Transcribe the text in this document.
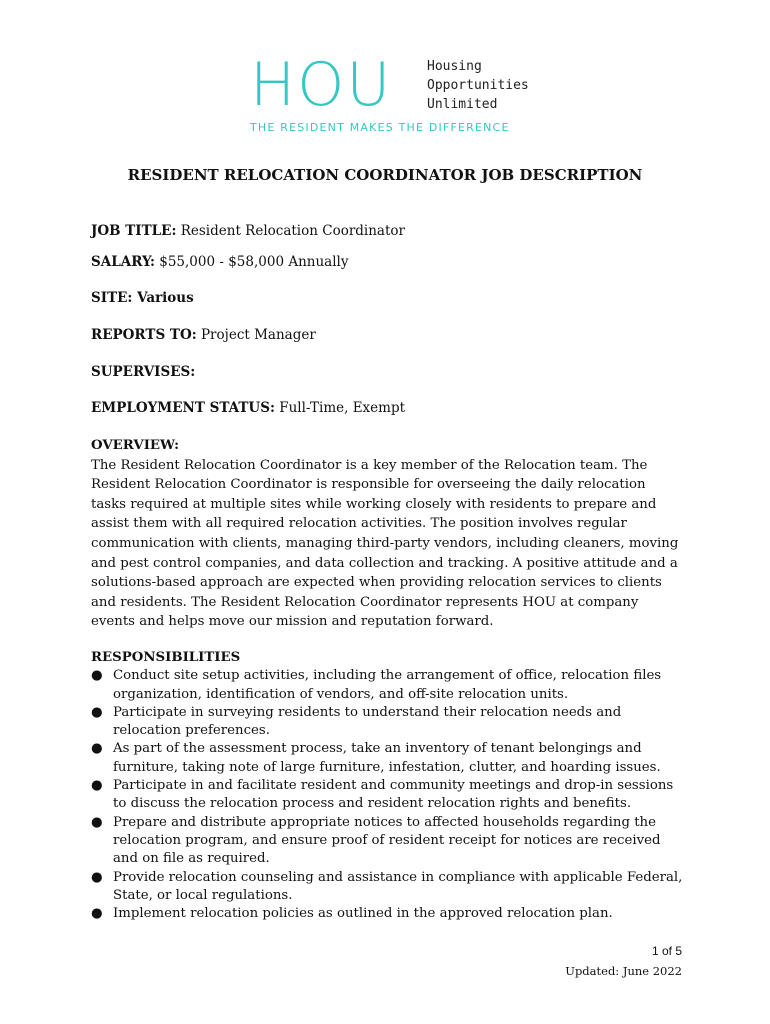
HOU	Housing
Opportunities
Unlimited
THE RESIDENT MAKES THE DIFFERENCE
RESIDENT RELOCATION COORDINATOR JOB DESCRIPTION
JOB TITLE: Resident Relocation Coordinator
SALARY: $55,000 - $58,000 Annually
SITE: Various
REPORTS TO: Project Manager
SUPERVISES:
EMPLOYMENT STATUS: Full-Time, Exempt
OVERVIEW:
The Resident Relocation Coordinator is a key member of the Relocation team. The Resident Relocation Coordinator is responsible for overseeing the daily relocation tasks required at multiple sites while working closely with residents to prepare and assist them with all required relocation activities. The position involves regular communication with clients, managing third-party vendors, including cleaners, moving and pest control companies, and data collection and tracking. A positive attitude and a solutions-based approach are expected when providing relocation services to clients and residents. The Resident Relocation Coordinator represents HOU at company events and helps move our mission and reputation forward.
RESPONSIBILITIES
● Conduct site setup activities, including the arrangement of office, relocation files organization, identification of vendors, and off-site relocation units.
● Participate in surveying residents to understand their relocation needs and relocation preferences.
● As part of the assessment process, take an inventory of tenant belongings and furniture, taking note of large furniture, infestation, clutter, and hoarding issues.
● Participate in and facilitate resident and community meetings and drop-in sessions to discuss the relocation process and resident relocation rights and benefits.
● Prepare and distribute appropriate notices to affected households regarding the relocation program, and ensure proof of resident receipt for notices are received and on file as required.
● Provide relocation counseling and assistance in compliance with applicable Federal, State, or local regulations.
● Implement relocation policies as outlined in the approved relocation plan.
1 of 5
Updated: June 2022
